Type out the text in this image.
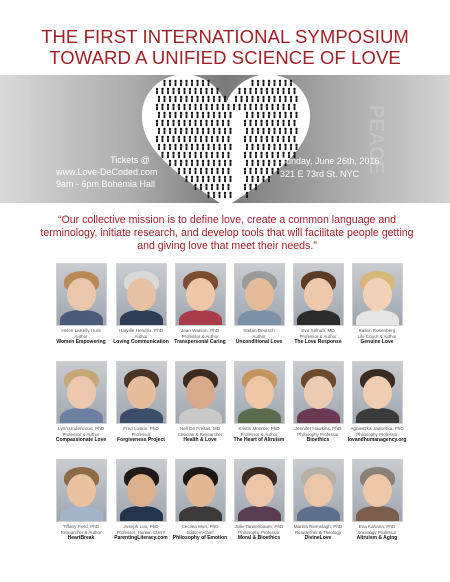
THE FIRST INTERNATIONAL SYMPOSIUM
TOWARD A UNIFIED SCIENCE OF LOVE
PEACE
Tickets @
www.Love-DeCoded.com
9am - 6pm Bohemia Hall
Sunday, June 26th, 2016
321 E 73rd St. NYC
“Our collective mission is to define love, create a common language and terminology, initiate research, and develop tools that will facilitate people getting and giving love that meet their needs.”
Helen LaKelly Hunt
Author
Women Empowering
Harville Hendrix, PhD
Author
Loving Communication
Jean Watson, PhD
Professor & Author
Transpersonal Caring
Stefan Deutsch
Author
Unconditional Love
Eva Selhub, MD
Professor & Author
The Love Response
Kailen Rosenberg
Life Coach & Author
Genuine Love
Lynn Underwood, PhD
Professor & Author
Compassionate Love
Fred Luskin, PhD
Professor
Forgiveness Project
Nell De Freitas, MD
Clinician & Researcher
Health & Love
Kristin Monroe, PhD
Professor & Author
The Heart of Altruism
Jennifer Hawkins, PhD
Philosophy Professor
Bioethics
Agnieszka Jaworska, PhD
Philosophy Professor
lovandhumanagency.org
Tiffany Field, PhD
Researcher & Author
HeartBreak
Joseph Luo, PhD
Professor, Hunter, CUNY
ParentingLiteracy.com
Cecilea Mun, PhD
Editor-in-chief
Philosophy of Emotion
Julie Tannenbaum, PhD
Philosophy Professor
Moral & Bioethics
Marina Riemslagh, PhD
Researcher & Theology
DivineLove
Eva Kahana, PhD
Sociology Professor
Altruism & Aging
